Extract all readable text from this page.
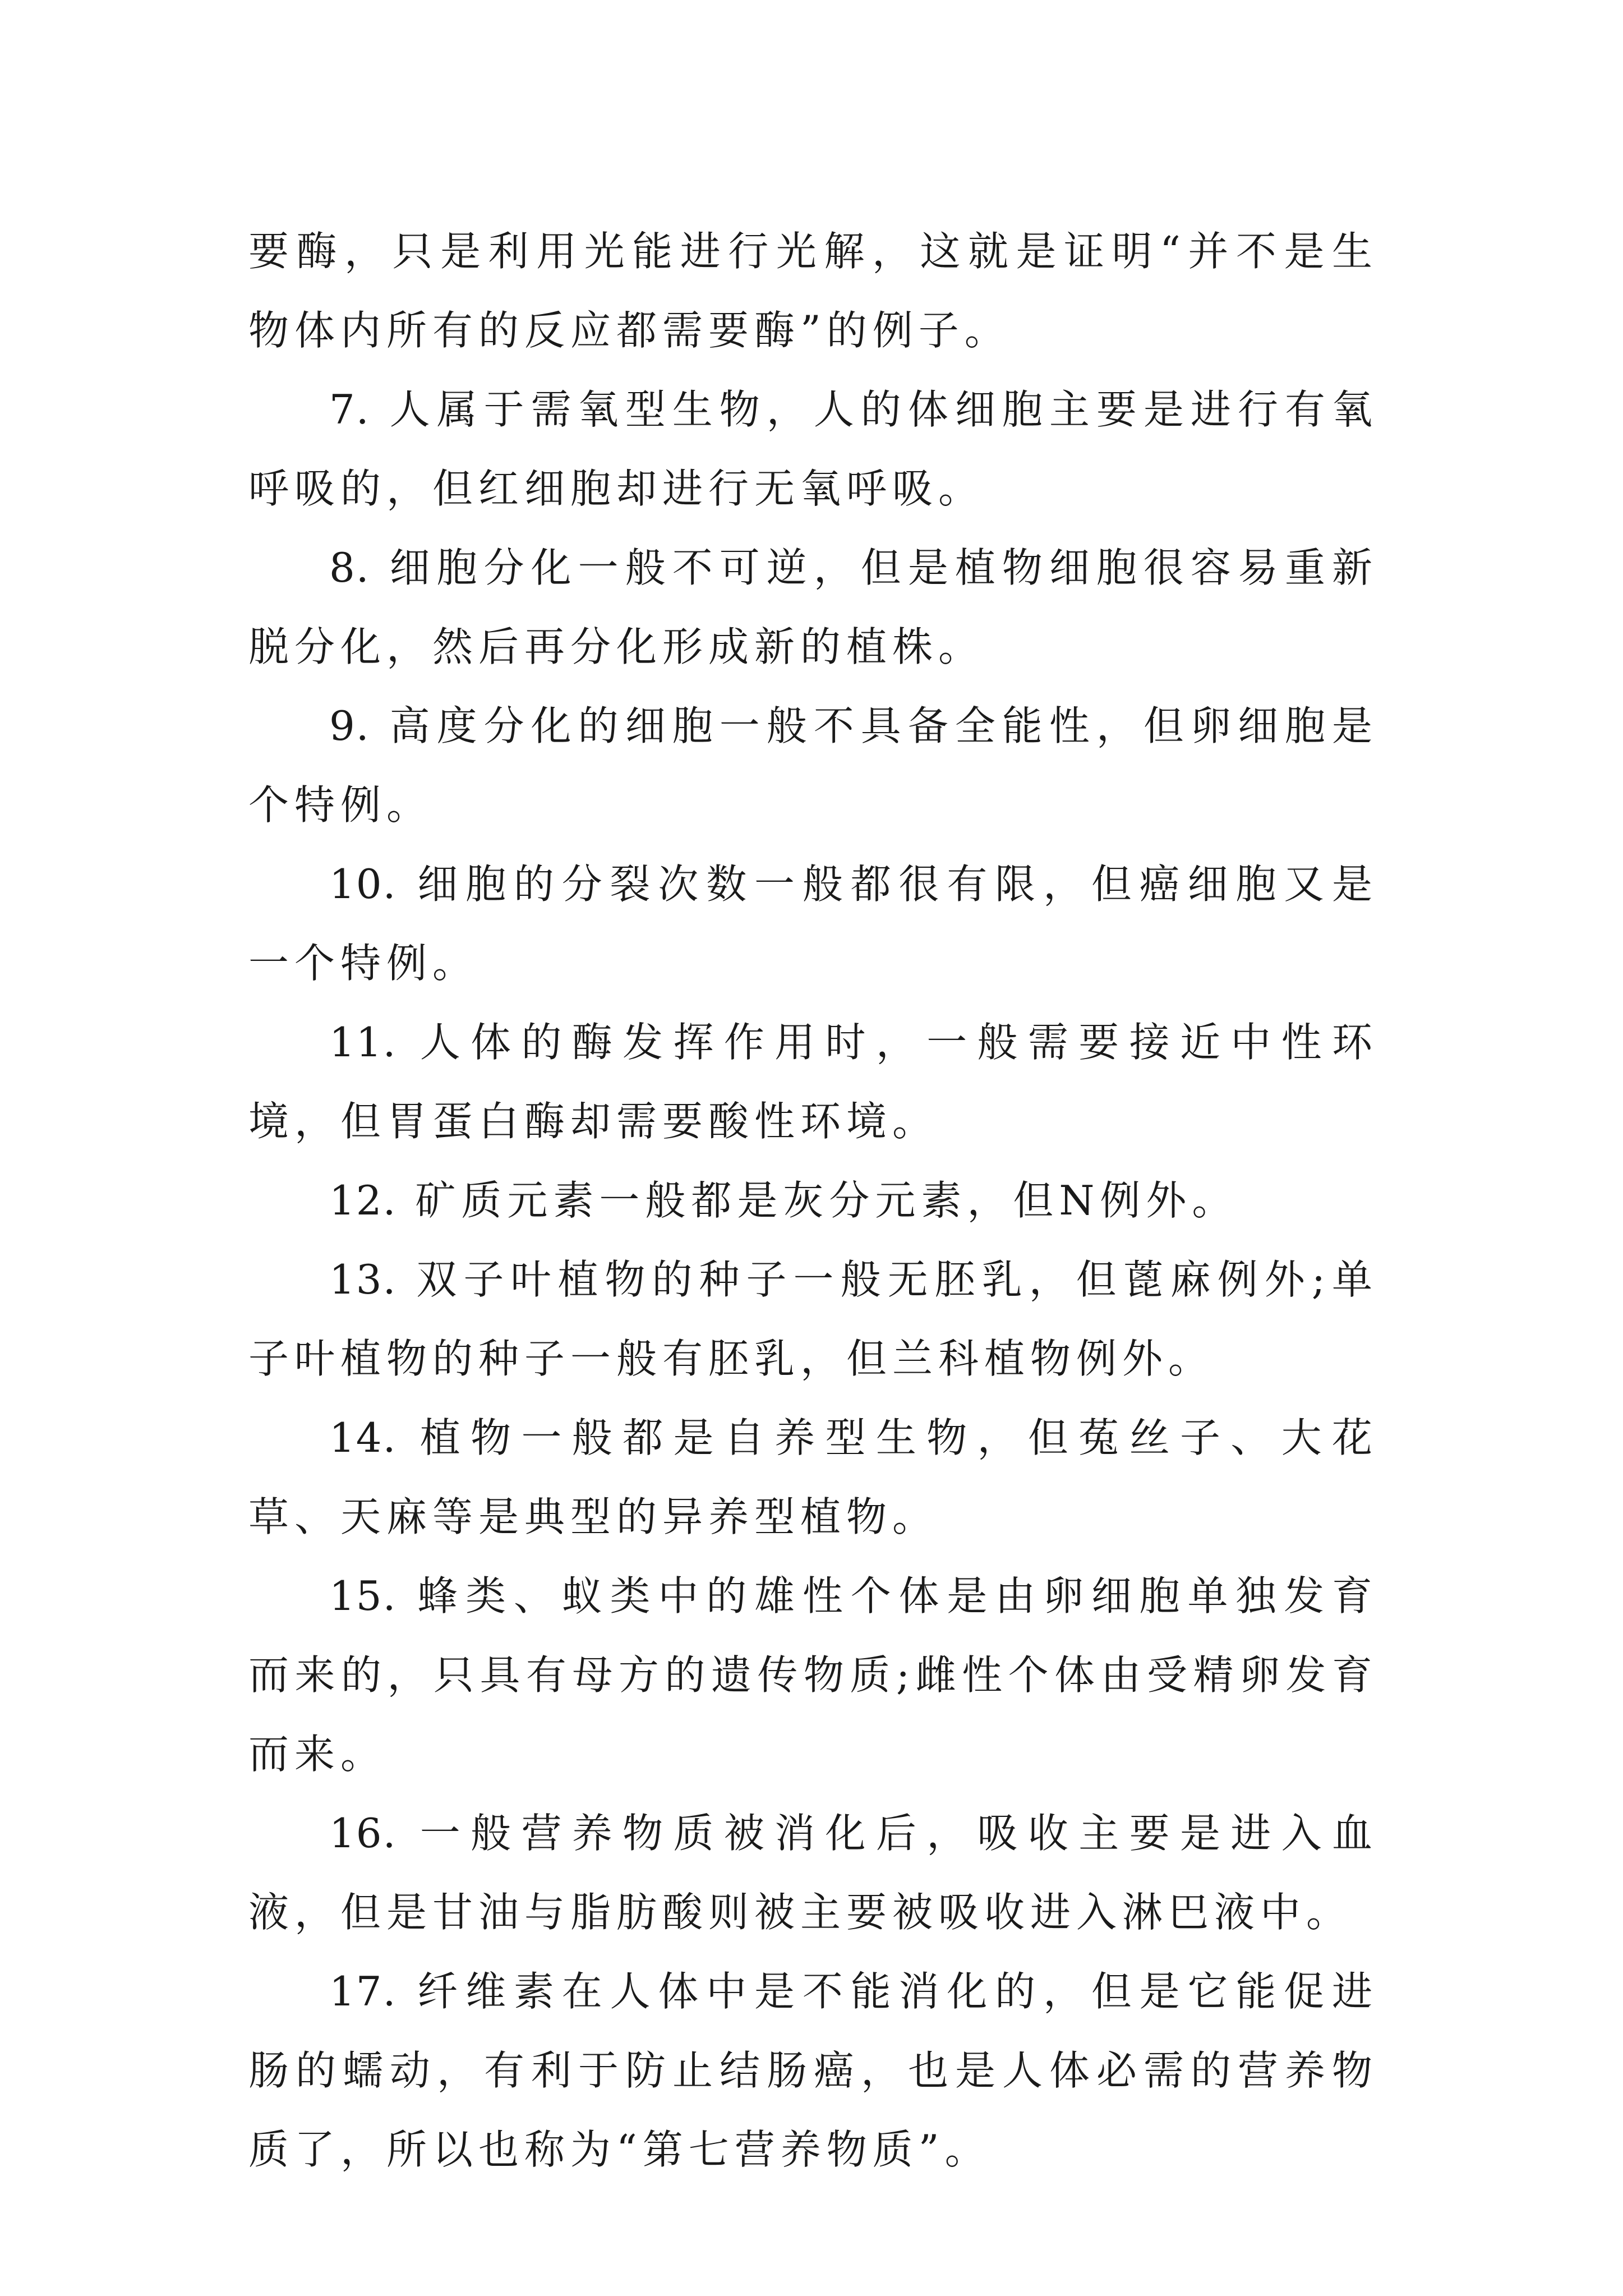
要酶，只是利用光能进行光解，这就是证明“并不是生物体内所有的反应都需要酶”的例子。

7. 人属于需氧型生物，人的体细胞主要是进行有氧呼吸的，但红细胞却进行无氧呼吸。

8. 细胞分化一般不可逆，但是植物细胞很容易重新脱分化，然后再分化形成新的植株。

9. 高度分化的细胞一般不具备全能性，但卵细胞是个特例。

10. 细胞的分裂次数一般都很有限，但癌细胞又是一个特例。

11. 人体的酶发挥作用时，一般需要接近中性环境，但胃蛋白酶却需要酸性环境。

12. 矿质元素一般都是灰分元素，但N例外。

13. 双子叶植物的种子一般无胚乳，但蓖麻例外;单子叶植物的种子一般有胚乳，但兰科植物例外。

14. 植物一般都是自养型生物，但菟丝子、大花草、天麻等是典型的异养型植物。

15. 蜂类、蚁类中的雄性个体是由卵细胞单独发育而来的，只具有母方的遗传物质;雌性个体由受精卵发育而来。

16. 一般营养物质被消化后，吸收主要是进入血液，但是甘油与脂肪酸则被主要被吸收进入淋巴液中。

17. 纤维素在人体中是不能消化的，但是它能促进肠的蠕动，有利于防止结肠癌，也是人体必需的营养物质了，所以也称为“第七营养物质”。
